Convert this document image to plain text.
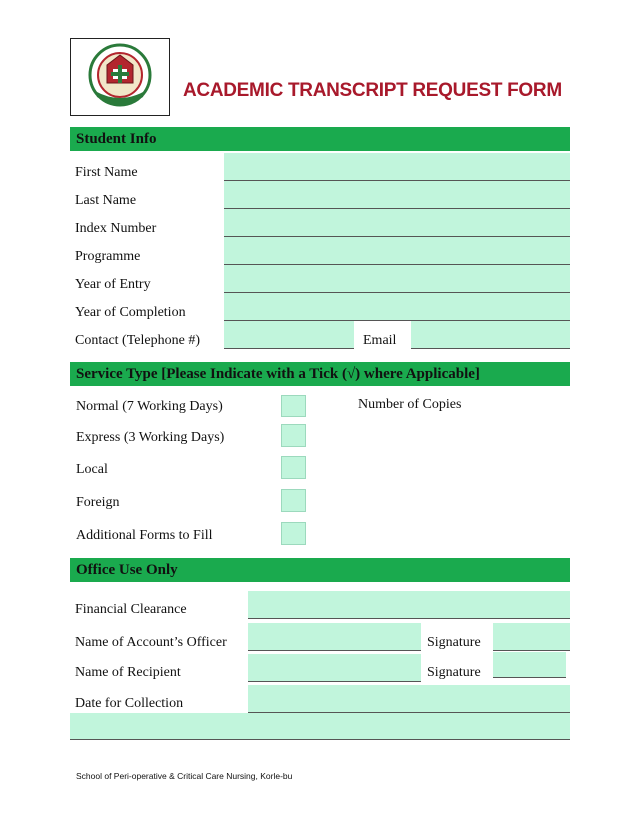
ACADEMIC TRANSCRIPT REQUEST FORM
Student Info
First Name
Last Name
Index Number
Programme
Year of Entry
Year of Completion
Contact (Telephone #)	Email
Service Type [Please Indicate with a Tick (√) where Applicable]
Normal (7 Working Days)	Number of Copies
Express (3 Working Days)
Local
Foreign
Additional Forms to Fill
Office Use Only
Financial Clearance
Name of Account’s Officer	Signature
Name of Recipient	Signature
Date for Collection
School of Peri-operative & Critical Care Nursing, Korle-bu
